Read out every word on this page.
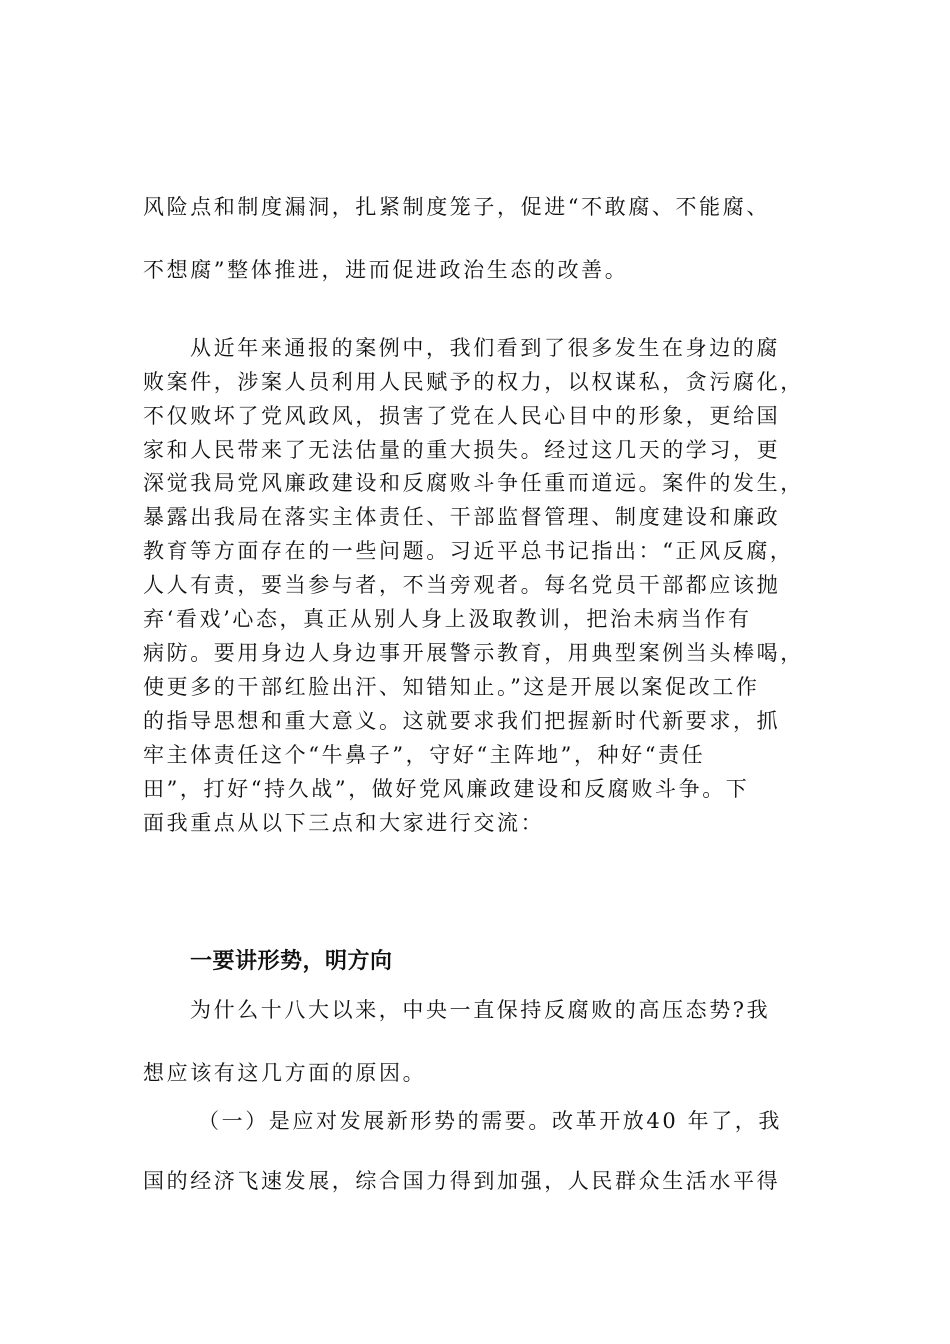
风险点和制度漏洞，扎紧制度笼子，促进“不敢腐、不能腐、
不想腐”整体推进，进而促进政治生态的改善。
从近年来通报的案例中，我们看到了很多发生在身边的腐
败案件，涉案人员利用人民赋予的权力，以权谋私，贪污腐化，
不仅败坏了党风政风，损害了党在人民心目中的形象，更给国
家和人民带来了无法估量的重大损失。经过这几天的学习，更
深觉我局党风廉政建设和反腐败斗争任重而道远。案件的发生，
暴露出我局在落实主体责任、干部监督管理、制度建设和廉政
教育等方面存在的一些问题。习近平总书记指出：“正风反腐，
人人有责，要当参与者，不当旁观者。每名党员干部都应该抛
弃‘看戏’心态，真正从别人身上汲取教训，把治未病当作有
病防。要用身边人身边事开展警示教育，用典型案例当头棒喝，
使更多的干部红脸出汗、知错知止。”这是开展以案促改工作
的指导思想和重大意义。这就要求我们把握新时代新要求，抓
牢主体责任这个“牛鼻子”，守好“主阵地”，种好“责任
田”，打好“持久战”，做好党风廉政建设和反腐败斗争。下
面我重点从以下三点和大家进行交流：
一要讲形势，明方向
为什么十八大以来，中央一直保持反腐败的高压态势?我
想应该有这几方面的原因。
（一）是应对发展新形势的需要。改革开放40 年了，我
国的经济飞速发展，综合国力得到加强，人民群众生活水平得
